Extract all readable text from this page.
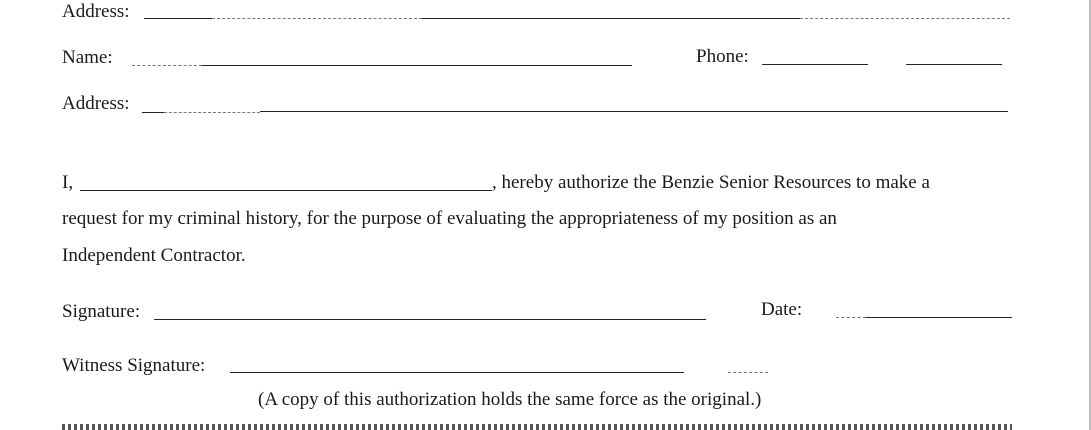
Address:
Name:	Phone:
Address:
I,	, hereby authorize the Benzie Senior Resources to make a
request for my criminal history, for the purpose of evaluating the appropriateness of my position as an
Independent Contractor.
Signature:	Date:
Witness Signature:
(A copy of this authorization holds the same force as the original.)
